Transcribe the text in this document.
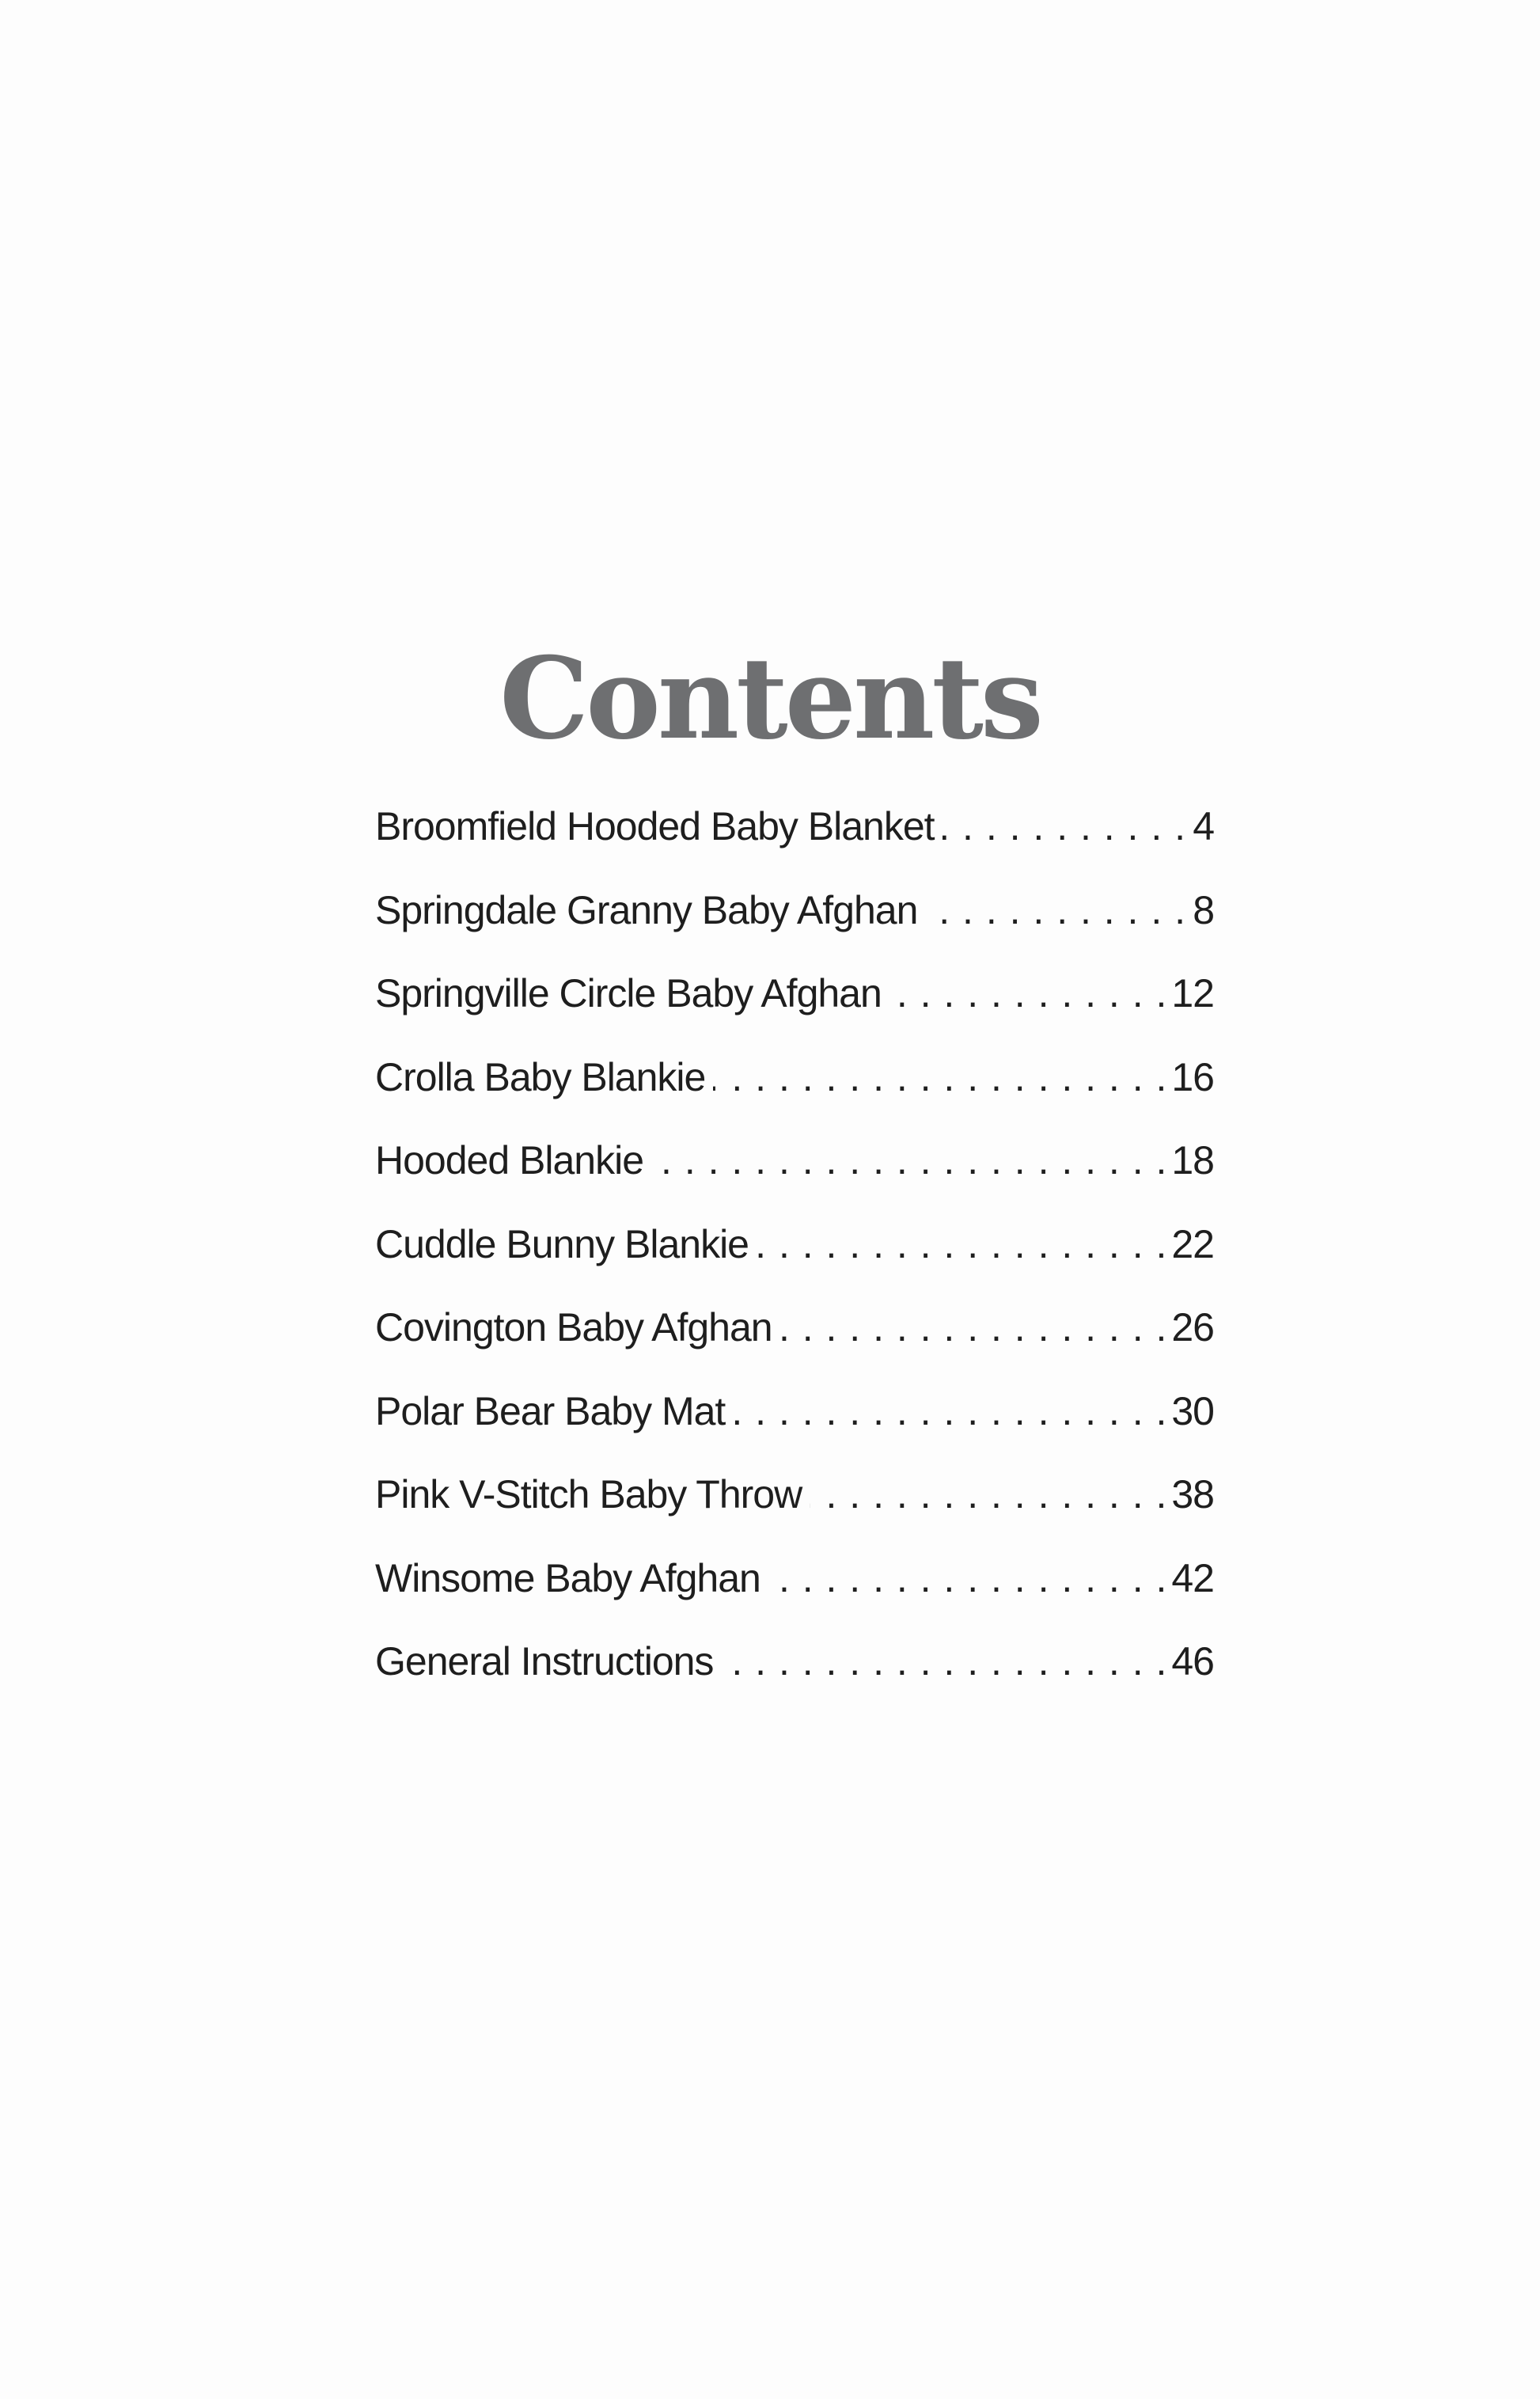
Contents
Broomfield Hooded Baby Blanket . . .	4
Springdale Granny Baby Afghan . . .	8
Springville Circle Baby Afghan . . .	12
Crolla Baby Blankie . . .	16
Hooded Blankie . . .	18
Cuddle Bunny Blankie . . .	22
Covington Baby Afghan . . .	26
Polar Bear Baby Mat . . .	30
Pink V-Stitch Baby Throw . . .	38
Winsome Baby Afghan . . .	42
General Instructions . . .	46
